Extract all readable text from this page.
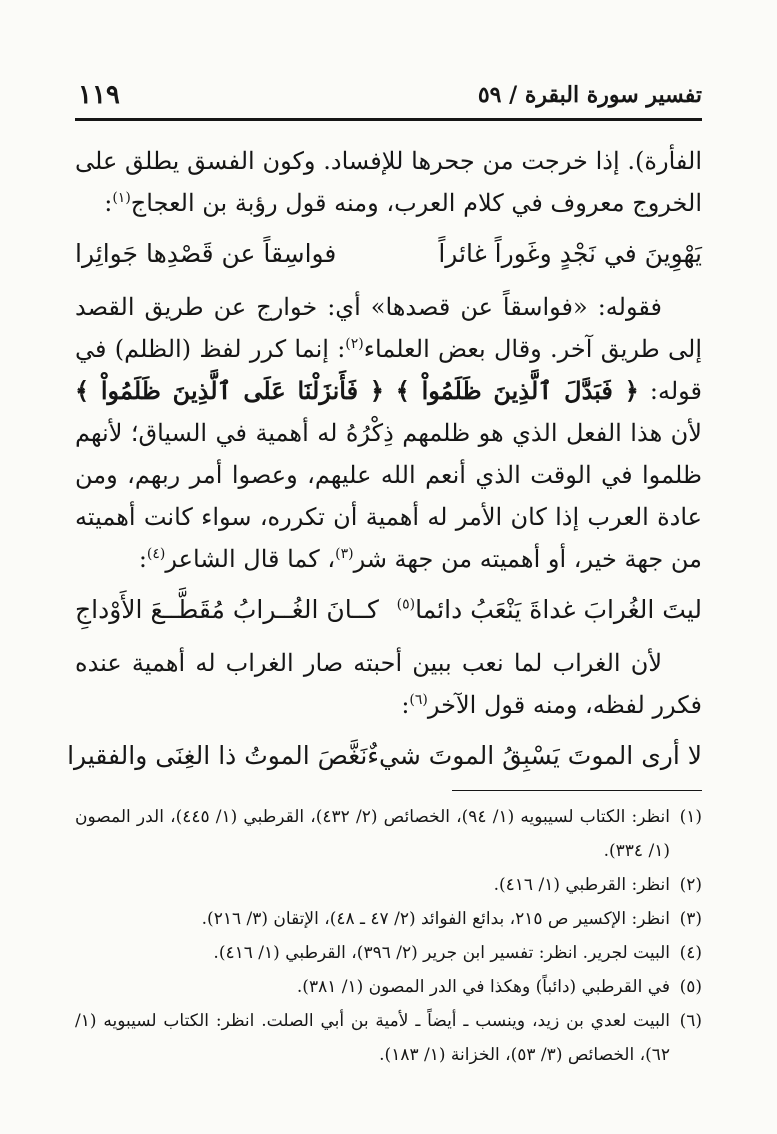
تفسير سورة البقرة / ٥٩
١١٩

الفأرة). إذا خرجت من جحرها للإفساد. وكون الفسق يطلق على الخروج معروف في كلام العرب، ومنه قول رؤبة بن العجاج$^{(١)}$:

يَهْوِينَ في نَجْدٍ وغَوراً غائراً
فواسِقاً عن قَصْدِها جَوائِرا

فقوله: «فواسقاً عن قصدها» أي: خوارج عن طريق القصد إلى طريق آخر. وقال بعض العلماء$^{(٢)}$: إنما كرر لفظ (الظلم) في قوله: ﴿ فَبَدَّلَ ٱلَّذِينَ ظَلَمُواْ ﴾ ﴿ فَأَنزَلْنَا عَلَى ٱلَّذِينَ ظَلَمُواْ ﴾ لأن هذا الفعل الذي هو ظلمهم ذِكْرُهُ له أهمية في السياق؛ لأنهم ظلموا في الوقت الذي أنعم الله عليهم، وعصوا أمر ربهم، ومن عادة العرب إذا كان الأمر له أهمية أن تكرره، سواء كانت أهميته من جهة خير، أو أهميته من جهة شر$^{(٣)}$، كما قال الشاعر$^{(٤)}$:

ليتَ الغُرابَ غداةَ يَنْعَبُ دائما$^{(٥)}$
كــانَ الغُــرابُ مُقَطَّــعَ الأَوْداجِ

لأن الغراب لما نعب ببين أحبته صار الغراب له أهمية عنده فكرر لفظه، ومنه قول الآخر$^{(٦)}$:

لا أرى الموتَ يَسْبِقُ الموتَ شيءٌ
نَغَّصَ الموتُ ذا الغِنَى والفقيرا

(١)
انظر: الكتاب لسيبويه (١/ ٩٤)، الخصائص (٢/ ٤٣٢)، القرطبي (١/ ٤٤٥)، الدر المصون (١/ ٣٣٤).

(٢)
انظر: القرطبي (١/ ٤١٦).

(٣)
انظر: الإكسير ص ٢١٥، بدائع الفوائد (٢/ ٤٧ ـ ٤٨)، الإتقان (٣/ ٢١٦).

(٤)
البيت لجرير. انظر: تفسير ابن جرير (٢/ ٣٩٦)، القرطبي (١/ ٤١٦).

(٥)
في القرطبي (دائباً) وهكذا في الدر المصون (١/ ٣٨١).

(٦)
البيت لعدي بن زيد، وينسب ـ أيضاً ـ لأمية بن أبي الصلت. انظر: الكتاب لسيبويه (١/ ٦٢)، الخصائص (٣/ ٥٣)، الخزانة (١/ ١٨٣).
